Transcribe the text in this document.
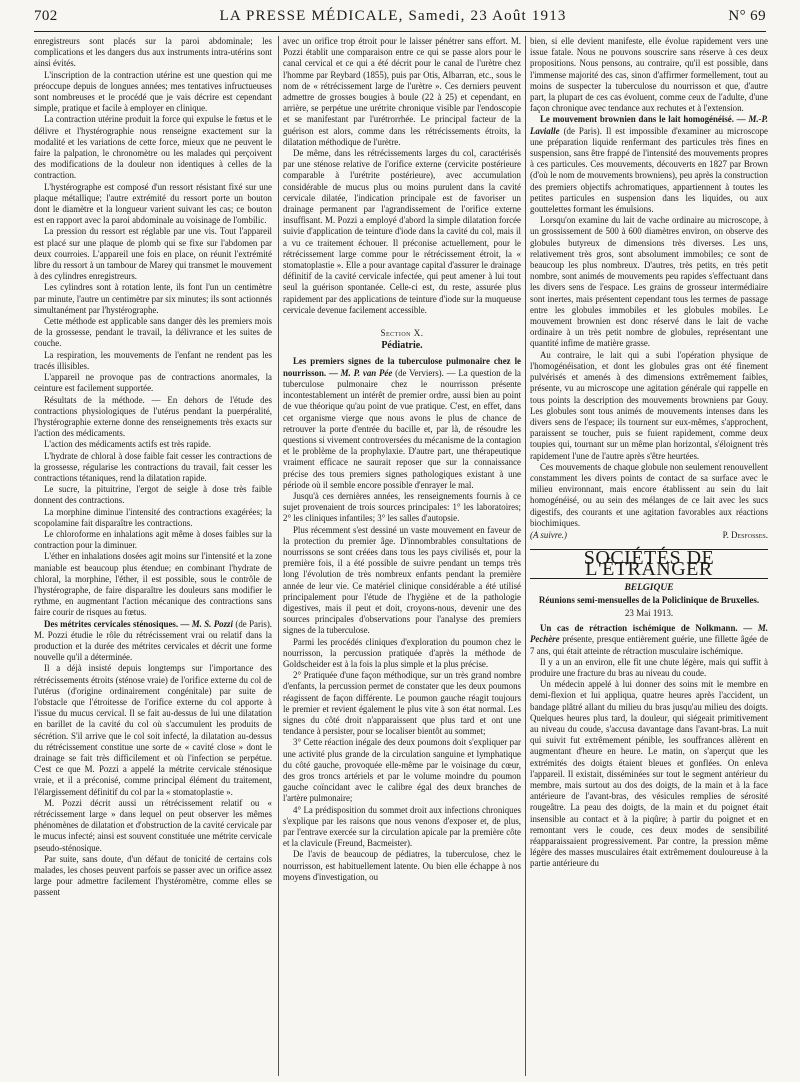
702	LA PRESSE MÉDICALE, Samedi, 23 Août 1913	N° 69

enregistreurs sont placés sur la paroi abdominale; les complications et les dangers dus aux instruments intra-utérins sont ainsi évités.

L'inscription de la contraction utérine est une question qui me préoccupe depuis de longues années; mes tentatives infructueuses sont nombreuses et le procédé que je vais décrire est cependant simple, pratique et facile à employer en clinique.

La contraction utérine produit la force qui expulse le fœtus et le délivre et l'hystérographie nous renseigne exactement sur la modalité et les variations de cette force, mieux que ne peuvent le faire la palpation, le chronomètre ou les malades qui perçoivent des modifications de la douleur non identiques à celles de la contraction.

L'hystérographe est composé d'un ressort résistant fixé sur une plaque métallique; l'autre extrémité du ressort porte un bouton dont le diamètre et la longueur varient suivant les cas; ce bouton est en rapport avec la paroi abdominale au voisinage de l'ombilic.

La pression du ressort est réglable par une vis. Tout l'appareil est placé sur une plaque de plomb qui se fixe sur l'abdomen par deux courroies. L'appareil une fois en place, on réunit l'extrémité libre du ressort à un tambour de Marey qui transmet le mouvement à des cylindres enregistreurs.

Les cylindres sont à rotation lente, ils font l'un un centimètre par minute, l'autre un centimètre par six minutes; ils sont actionnés simultanément par l'hystérographe.

Cette méthode est applicable sans danger dès les premiers mois de la grossesse, pendant le travail, la délivrance et les suites de couche.

La respiration, les mouvements de l'enfant ne rendent pas les tracés illisibles.

L'appareil ne provoque pas de contractions anormales, la ceinture est facilement supportée.

Résultats de la méthode. — En dehors de l'étude des contractions physiologiques de l'utérus pendant la puerpéralité, l'hystérographie externe donne des renseignements très exacts sur l'action des médicaments.

L'action des médicaments actifs est très rapide.

L'hydrate de chloral à dose faible fait cesser les contractions de la grossesse, régularise les contractions du travail, fait cesser les contractions tétaniques, rend la dilatation rapide.

Le sucre, la pituitrine, l'ergot de seigle à dose très faible donnent des contractions.

La morphine diminue l'intensité des contractions exagérées; la scopolamine fait disparaître les contractions.

Le chloroforme en inhalations agit même à doses faibles sur la contraction pour la diminuer.

L'éther en inhalations dosées agit moins sur l'intensité et la zone maniable est beaucoup plus étendue; en combinant l'hydrate de chloral, la morphine, l'éther, il est possible, sous le contrôle de l'hystérographe, de faire disparaître les douleurs sans modifier le rythme, en augmentant l'action mécanique des contractions sans faire courir de risques au fœtus.

Des métrites cervicales sténosiques. — M. S. Pozzi (de Paris). M. Pozzi étudie le rôle du rétrécissement vrai ou relatif dans la production et la durée des métrites cervicales et décrit une forme nouvelle qu'il a déterminée.

Il a déjà insisté depuis longtemps sur l'importance des rétrécissements étroits (sténose vraie) de l'orifice externe du col de l'utérus (d'origine ordinairement congénitale) par suite de l'obstacle que l'étroitesse de l'orifice externe du col apporte à l'issue du mucus cervical. Il se fait au-dessus de lui une dilatation en barillet de la cavité du col où s'accumulent les produits de sécrétion. S'il arrive que le col soit infecté, la dilatation au-dessus du rétrécissement constitue une sorte de « cavité close » dont le drainage se fait très difficilement et où l'infection se perpétue. C'est ce que M. Pozzi a appelé la métrite cervicale sténosique vraie, et il a préconisé, comme principal élément du traitement, l'élargissement définitif du col par la « stomatoplastie ».

M. Pozzi décrit aussi un rétrécissement relatif ou « rétrécissement large » dans lequel on peut observer les mêmes phénomènes de dilatation et d'obstruction de la cavité cervicale par le mucus infecté; ainsi est souvent constituée une métrite cervicale pseudo-sténosique.

Par suite, sans doute, d'un défaut de tonicité de certains cols malades, les choses peuvent parfois se passer avec un orifice assez large pour admettre facilement l'hystéromètre, comme elles se passent

avec un orifice trop étroit pour le laisser pénétrer sans effort. M. Pozzi établit une comparaison entre ce qui se passe alors pour le canal cervical et ce qui a été décrit pour le canal de l'urètre chez l'homme par Reybard (1855), puis par Otis, Albarran, etc., sous le nom de « rétrécissement large de l'urètre ». Ces derniers peuvent admettre de grosses bougies à boule (22 à 25) et cependant, en arrière, se perpétue une urétrite chronique visible par l'endoscopie et se manifestant par l'urétrorrhée. Le principal facteur de la guérison est alors, comme dans les rétrécissements étroits, la dilatation méthodique de l'urètre.

De même, dans les rétrécissements larges du col, caractérisés par une sténose relative de l'orifice externe (cervicite postérieure comparable à l'urétrite postérieure), avec accumulation considérable de mucus plus ou moins purulent dans la cavité cervicale dilatée, l'indication principale est de favoriser un drainage permanent par l'agrandissement de l'orifice externe insuffisant. M. Pozzi a employé d'abord la simple dilatation forcée suivie d'application de teinture d'iode dans la cavité du col, mais il a vu ce traitement échouer. Il préconise actuellement, pour le rétrécissement large comme pour le rétrécissement étroit, la « stomatoplastie ». Elle a pour avantage capital d'assurer le drainage définitif de la cavité cervicale infectée, qui peut amener à lui tout seul la guérison spontanée. Celle-ci est, du reste, assurée plus rapidement par des applications de teinture d'iode sur la muqueuse cervicale devenue facilement accessible.

Section X.
Pédiatrie.

Les premiers signes de la tuberculose pulmonaire chez le nourrisson. — M. P. van Pée (de Verviers). — La question de la tuberculose pulmonaire chez le nourrisson présente incontestablement un intérêt de premier ordre, aussi bien au point de vue théorique qu'au point de vue pratique. C'est, en effet, dans cet organisme vierge que nous avons le plus de chance de retrouver la porte d'entrée du bacille et, par là, de résoudre les questions si vivement controversées du mécanisme de la contagion et le problème de la prophylaxie. D'autre part, une thérapeutique vraiment efficace ne saurait reposer que sur la connaissance précise des tous premiers signes pathologiques existant à une période où il semble encore possible d'enrayer le mal.

Jusqu'à ces dernières années, les renseignements fournis à ce sujet provenaient de trois sources principales: 1° les laboratoires; 2° les cliniques infantiles; 3° les salles d'autopsie.

Plus récemment s'est dessiné un vaste mouvement en faveur de la protection du premier âge. D'innombrables consultations de nourrissons se sont créées dans tous les pays civilisés et, pour la première fois, il a été possible de suivre pendant un temps très long l'évolution de très nombreux enfants pendant la première année de leur vie. Ce matériel clinique considérable a été utilisé principalement pour l'étude de l'hygiène et de la pathologie digestives, mais il peut et doit, croyons-nous, devenir une des sources principales d'observations pour l'analyse des premiers signes de la tuberculose.

Parmi les procédés cliniques d'exploration du poumon chez le nourrisson, la percussion pratiquée d'après la méthode de Goldscheider est à la fois la plus simple et la plus précise.

2° Pratiquée d'une façon méthodique, sur un très grand nombre d'enfants, la percussion permet de constater que les deux poumons réagissent de façon différente. Le poumon gauche réagit toujours le premier et revient également le plus vite à son état normal. Les signes du côté droit n'apparaissent que plus tard et ont une tendance à persister, pour se localiser bientôt au sommet;

3° Cette réaction inégale des deux poumons doit s'expliquer par une activité plus grande de la circulation sanguine et lymphatique du côté gauche, provoquée elle-même par le voisinage du cœur, des gros troncs artériels et par le volume moindre du poumon gauche coïncidant avec le calibre égal des deux branches de l'artère pulmonaire;

4° La prédisposition du sommet droit aux infections chroniques s'explique par les raisons que nous venons d'exposer et, de plus, par l'entrave exercée sur la circulation apicale par la première côte et la clavicule (Freund, Bacmeister).

De l'avis de beaucoup de pédiatres, la tuberculose, chez le nourrisson, est habituellement latente. Ou bien elle échappe à nos moyens d'investigation, ou

bien, si elle devient manifeste, elle évolue rapidement vers une issue fatale. Nous ne pouvons souscrire sans réserve à ces deux propositions. Nous pensons, au contraire, qu'il est possible, dans l'immense majorité des cas, sinon d'affirmer formellement, tout au moins de suspecter la tuberculose du nourrisson et que, d'autre part, la plupart de ces cas évoluent, comme ceux de l'adulte, d'une façon chronique avec tendance aux rechutes et à l'extension.

Le mouvement brownien dans le lait homogénéisé. — M.-P. Lavialle (de Paris). Il est impossible d'examiner au microscope une préparation liquide renfermant des particules très fines en suspension, sans être frappé de l'intensité des mouvements propres à ces particules. Ces mouvements, découverts en 1827 par Brown (d'où le nom de mouvements browniens), peu après la construction des premiers objectifs achromatiques, appartiennent à toutes les petites particules en suspension dans les liquides, ou aux gouttelettes formant les émulsions.

Lorsqu'on examine du lait de vache ordinaire au microscope, à un grossissement de 500 à 600 diamètres environ, on observe des globules butyreux de dimensions très diverses. Les uns, relativement très gros, sont absolument immobiles; ce sont de beaucoup les plus nombreux. D'autres, très petits, en très petit nombre, sont animés de mouvements peu rapides s'effectuant dans les divers sens de l'espace. Les grains de grosseur intermédiaire sont inertes, mais présentent cependant tous les termes de passage entre les globules immobiles et les globules mobiles. Le mouvement brownien est donc réservé dans le lait de vache ordinaire à un très petit nombre de globules, représentant une quantité infime de matière grasse.

Au contraire, le lait qui a subi l'opération physique de l'homogénéisation, et dont les globules gras ont été finement pulvérisés et amenés à des dimensions extrêmement faibles, présente, vu au microscope une agitation générale qui rappelle en tous points la description des mouvements browniens par Gouy. Les globules sont tous animés de mouvements intenses dans les divers sens de l'espace; ils tournent sur eux-mêmes, s'approchent, paraissent se toucher, puis se fuient rapidement, comme deux toupies qui, tournant sur un même plan horizontal, s'éloignent très rapidement l'une de l'autre après s'être heurtées.

Ces mouvements de chaque globule non seulement renouvellent constamment les divers points de contact de sa surface avec le milieu environnant, mais encore établissent au sein du lait homogénéisé, ou au sein des mélanges de ce lait avec les sucs digestifs, des courants et une agitation favorables aux réactions biochimiques.

(A suivre.)	P. Desfosses.
SOCIÉTÉS DE L'ÉTRANGER
BELGIQUE
Réunions semi-mensuelles de la Policlinique de Bruxelles.
23 Mai 1913.

Un cas de rétraction ischémique de Nolkmann. — M. Pechère présente, presque entièrement guérie, une fillette âgée de 7 ans, qui était atteinte de rétraction musculaire ischémique.

Il y a un an environ, elle fit une chute légère, mais qui suffit à produire une fracture du bras au niveau du coude.

Un médecin appelé à lui donner des soins mit le membre en demi-flexion et lui appliqua, quatre heures après l'accident, un bandage plâtré allant du milieu du bras jusqu'au milieu des doigts. Quelques heures plus tard, la douleur, qui siégeait primitivement au niveau du coude, s'accusa davantage dans l'avant-bras. La nuit qui suivit fut extrêmement pénible, les souffrances allèrent en augmentant d'heure en heure. Le matin, on s'aperçut que les extrémités des doigts étaient bleues et gonflées. On enleva l'appareil. Il existait, disséminées sur tout le segment antérieur du membre, mais surtout au dos des doigts, de la main et à la face antérieure de l'avant-bras, des vésicules remplies de sérosité rougeâtre. La peau des doigts, de la main et du poignet était insensible au contact et à la piqûre; à partir du poignet et en remontant vers le coude, ces deux modes de sensibilité réapparaissaient progressivement. Par contre, la pression même légère des masses musculaires était extrêmement douloureuse à la partie antérieure du
